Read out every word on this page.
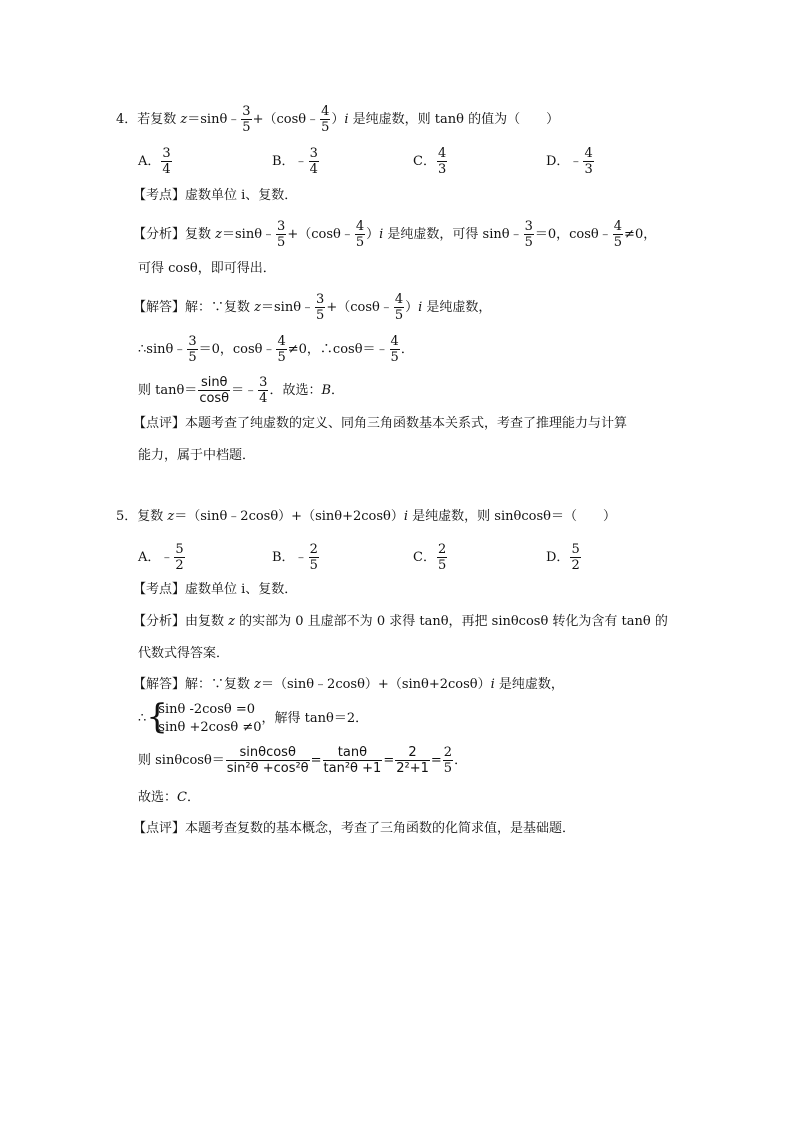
4．若复数 z＝sinθ﹣ $\frac{3}{5}$ +（cosθ﹣ $\frac{4}{5} )i$ 是纯虚数，则 tanθ 的值为（　　）
A． $\frac{3}{4}$	B．﹣ $\frac{3}{4}$	C． $\frac{4}{3}$	D．﹣ $\frac{4}{3}$
【考点】虚数单位 i、复数．
【分析】复数 z＝sinθ﹣ $\frac{3}{5}$ +（cosθ﹣ $\frac{4}{5} )i$ 是纯虚数，可得 sinθ﹣ $\frac{3}{5} =0$，cosθ﹣ $\frac{4}{5} \ne 0$，
可得 cosθ，即可得出．
【解答】解：∵复数 z＝sinθ﹣ $\frac{3}{5}$ +（cosθ﹣ $\frac{4}{5} )i$ 是纯虚数，
∴sinθ﹣ $\frac{3}{5} =0$，cosθ﹣ $\frac{4}{5} \ne 0$，∴cosθ＝﹣ $\frac{4}{5}$ ．
则 $\tan\theta= \frac{\sin\theta}{\cos\theta}$ ＝﹣ $\frac{3}{4}$ ．故选：B．
【点评】本题考查了纯虚数的定义、同角三角函数基本关系式，考查了推理能力与计算
能力，属于中档题．
5．复数 z＝（sinθ﹣2cosθ）+（sinθ+2cosθ）i 是纯虚数，则 sinθcosθ＝（　　）
A．﹣ $\frac{5}{2}$	B．﹣ $\frac{2}{5}$	C． $\frac{2}{5}$	D． $\frac{5}{2}$
【考点】虚数单位 i、复数．
【分析】由复数 z 的实部为 0 且虚部不为 0 求得 tanθ，再把 sinθcosθ 转化为含有 tanθ 的
代数式得答案．
【解答】解：∵复数 z＝（sinθ﹣2cosθ）+（sinθ+2cosθ）i 是纯虚数，
∴ {
sinθ -2cosθ =0
sinθ +2cosθ ≠0
，解得 tanθ＝2．
则 $\sin\theta\cos\theta= \frac{\sin\theta\cos\theta}{\text{sin²θ +cos²θ}} = \frac{\tan\theta}{\text{tan²θ +1}} = \frac{2}{\text{2²+1}} = \frac{2}{5}$ ．
故选：C．
【点评】本题考查复数的基本概念，考查了三角函数的化简求值，是基础题．
